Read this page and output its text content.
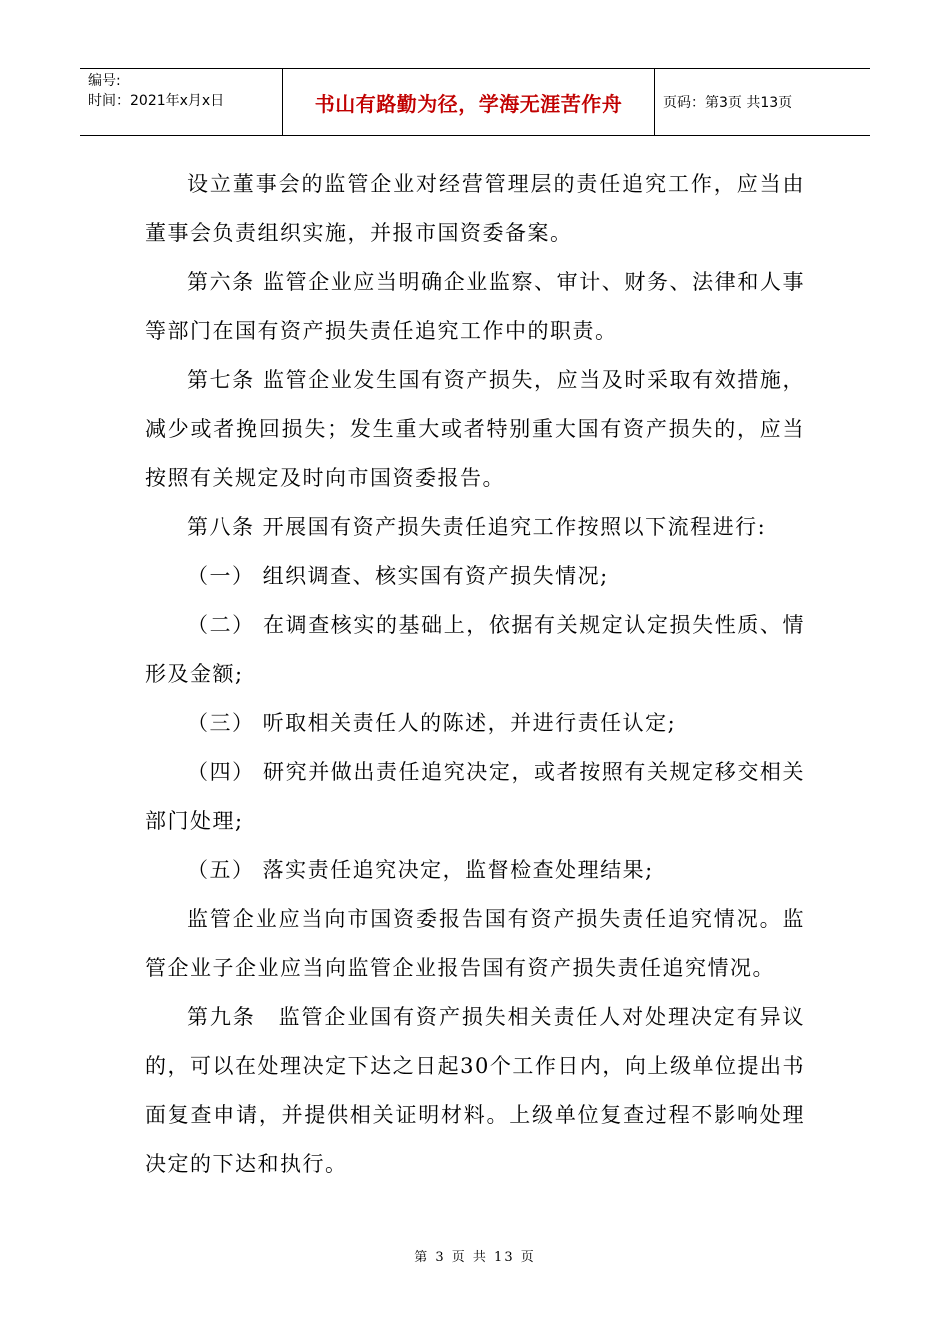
编号:
时间：2021年x月x日	书山有路勤为径，学海无涯苦作舟	页码：第3页 共13页

设立董事会的监管企业对经营管理层的责任追究工作，应当由董事会负责组织实施，并报市国资委备案。

第六条 监管企业应当明确企业监察、审计、财务、法律和人事等部门在国有资产损失责任追究工作中的职责。

第七条 监管企业发生国有资产损失，应当及时采取有效措施，减少或者挽回损失；发生重大或者特别重大国有资产损失的，应当按照有关规定及时向市国资委报告。

第八条 开展国有资产损失责任追究工作按照以下流程进行:

（一） 组织调查、核实国有资产损失情况;

（二） 在调查核实的基础上，依据有关规定认定损失性质、情形及金额;

（三） 听取相关责任人的陈述，并进行责任认定;

（四） 研究并做出责任追究决定，或者按照有关规定移交相关部门处理;

（五） 落实责任追究决定，监督检查处理结果;

监管企业应当向市国资委报告国有资产损失责任追究情况。监管企业子企业应当向监管企业报告国有资产损失责任追究情况。

第九条　监管企业国有资产损失相关责任人对处理决定有异议的，可以在处理决定下达之日起30个工作日内，向上级单位提出书面复查申请，并提供相关证明材料。上级单位复查过程不影响处理决定的下达和执行。

第 3 页 共 13 页
